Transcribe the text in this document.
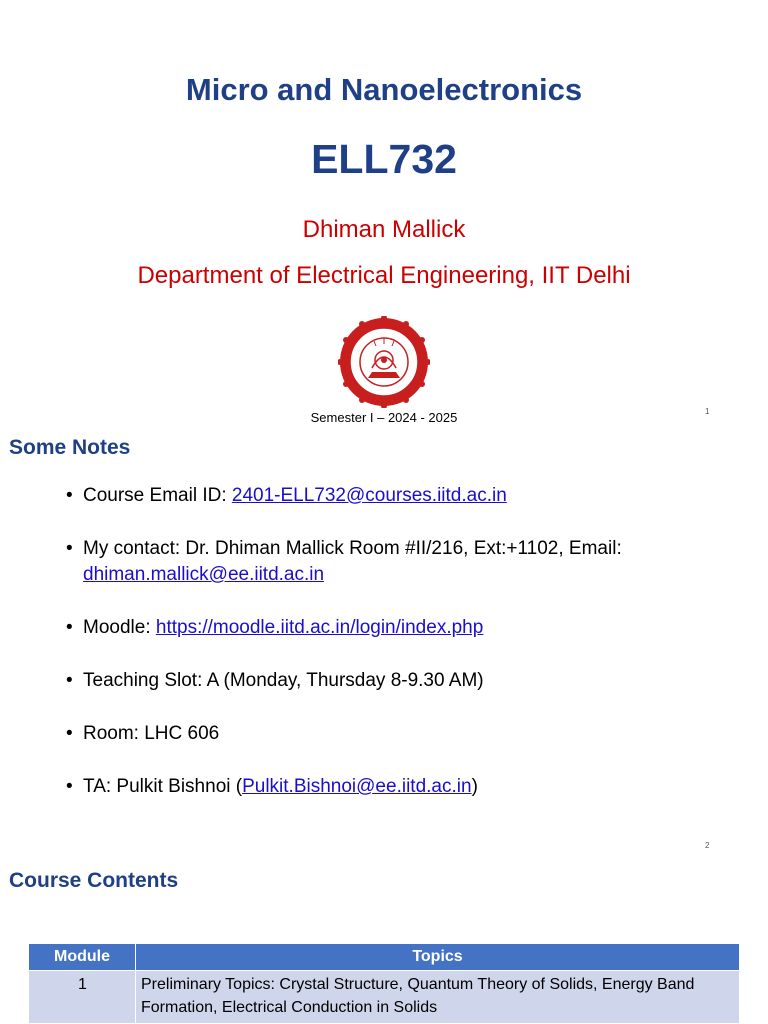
Micro and Nanoelectronics
ELL732
Dhiman Mallick
Department of Electrical Engineering, IIT Delhi
Semester I – 2024 - 2025	1
Some Notes
• Course Email ID: 2401-ELL732@courses.iitd.ac.in
• My contact: Dr. Dhiman Mallick Room #II/216, Ext:+1102, Email:
dhiman.mallick@ee.iitd.ac.in
• Moodle: https://moodle.iitd.ac.in/login/index.php
• Teaching Slot: A (Monday, Thursday 8-9.30 AM)
• Room: LHC 606
• TA: Pulkit Bishnoi (Pulkit.Bishnoi@ee.iitd.ac.in)
2
Course Contents
Module	Topics
1	Preliminary Topics: Crystal Structure, Quantum Theory of Solids, Energy Band Formation, Electrical Conduction in Solids
